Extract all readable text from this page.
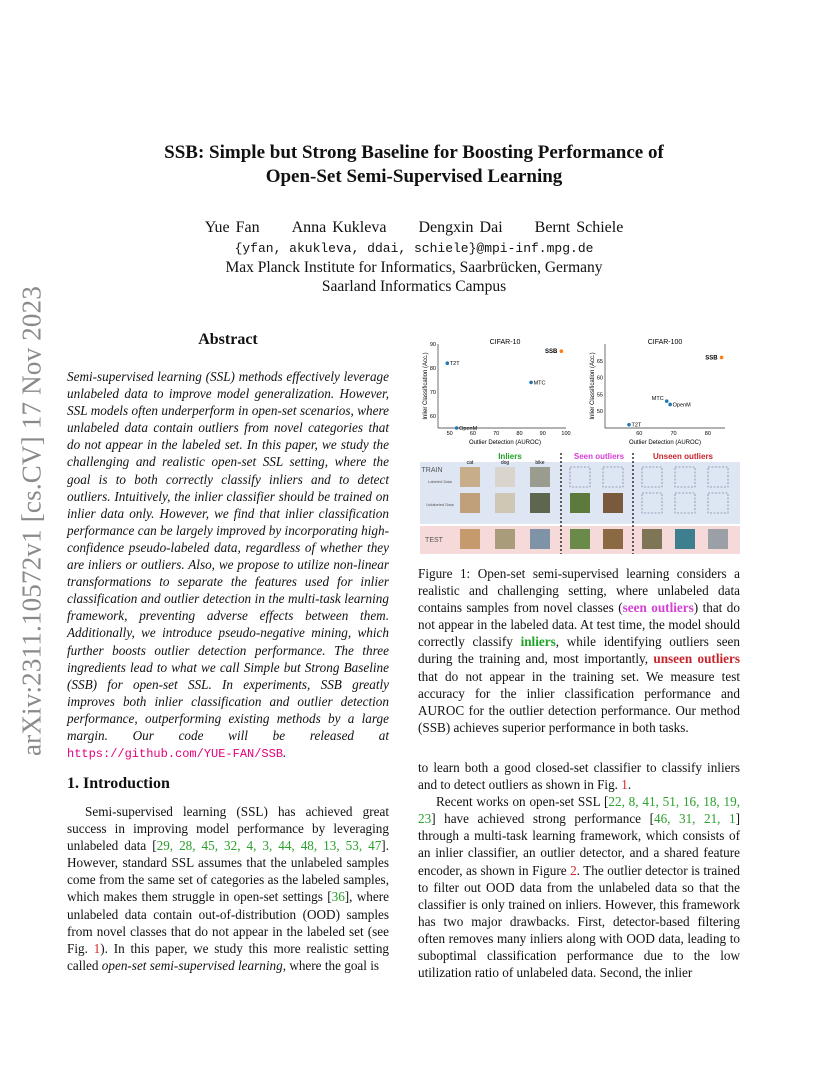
arXiv:2311.10572v1 [cs.CV] 17 Nov 2023
SSB: Simple but Strong Baseline for Boosting Performance of
Open-Set Semi-Supervised Learning
Yue Fan Anna Kukleva Dengxin Dai Bernt Schiele
{yfan, akukleva, ddai, schiele}@mpi-inf.mpg.de
Max Planck Institute for Informatics, Saarbrücken, Germany
Saarland Informatics Campus
Abstract
Semi-supervised learning (SSL) methods effectively leverage unlabeled data to improve model generalization. However, SSL models often underperform in open-set scenarios, where unlabeled data contain outliers from novel categories that do not appear in the labeled set. In this paper, we study the challenging and realistic open-set SSL setting, where the goal is to both correctly classify inliers and to detect outliers. Intuitively, the inlier classifier should be trained on inlier data only. However, we find that inlier classification performance can be largely improved by incorporating high-confidence pseudo-labeled data, regardless of whether they are inliers or outliers. Also, we propose to utilize non-linear transformations to separate the features used for inlier classification and outlier detection in the multi-task learning framework, preventing adverse effects between them. Additionally, we introduce pseudo-negative mining, which further boosts outlier detection performance. The three ingredients lead to what we call Simple but Strong Baseline (SSB) for open-set SSL. In experiments, SSB greatly improves both inlier classification and outlier detection performance, outperforming existing methods by a large margin. Our code will be released at https://github.com/YUE-FAN/SSB.
1. Introduction
Semi-supervised learning (SSL) has achieved great success in improving model performance by leveraging unlabeled data [29, 28, 45, 32, 4, 3, 44, 48, 13, 53, 47]. However, standard SSL assumes that the unlabeled samples come from the same set of categories as the labeled samples, which makes them struggle in open-set settings [36], where unlabeled data contain out-of-distribution (OOD) samples from novel classes that do not appear in the labeled set (see Fig. 1). In this paper, we study this more realistic setting called open-set semi-supervised learning, where the goal is
CIFAR-10
Outlier Detection (AUROC)
Inlier Classification (Acc.)
50	60	70	80	90	100
60
70
80
90
T2T
MTC
OpenM
SSB
CIFAR-100
Outlier Detection (AUROC)
Inlier Classification (Acc.)
60	70	80
50
55
60
65
T2T
MTC
OpenM
SSB
Inliers	Seen outliers	Unseen outliers
TRAIN
Labeled Data
Unlabeled Data
TEST
cat	dog	bike
Figure 1: Open-set semi-supervised learning considers a realistic and challenging setting, where unlabeled data contains samples from novel classes (seen outliers) that do not appear in the labeled data. At test time, the model should correctly classify inliers, while identifying outliers seen during the training and, most importantly, unseen outliers that do not appear in the training set. We measure test accuracy for the inlier classification performance and AUROC for the outlier detection performance. Our method (SSB) achieves superior performance in both tasks.

to learn both a good closed-set classifier to classify inliers and to detect outliers as shown in Fig. 1.

Recent works on open-set SSL [22, 8, 41, 51, 16, 18, 19, 23] have achieved strong performance [46, 31, 21, 1] through a multi-task learning framework, which consists of an inlier classifier, an outlier detector, and a shared feature encoder, as shown in Figure 2. The outlier detector is trained to filter out OOD data from the unlabeled data so that the classifier is only trained on inliers. However, this framework has two major drawbacks. First, detector-based filtering often removes many inliers along with OOD data, leading to suboptimal classification performance due to the low utilization ratio of unlabeled data. Second, the inlier
